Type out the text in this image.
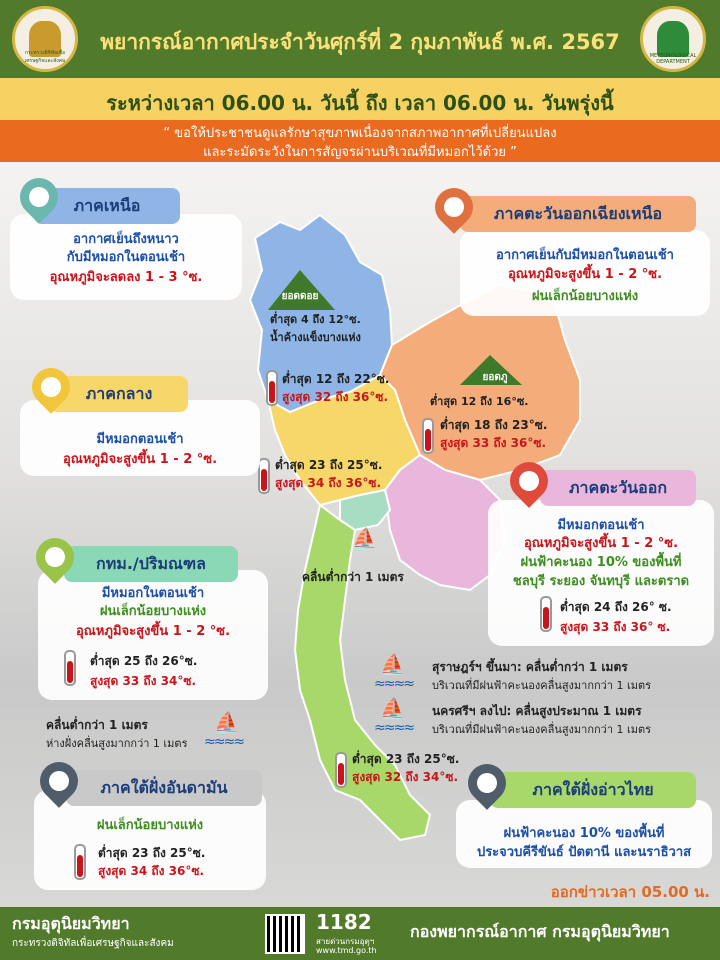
กระทรวงดิจิทัลเพื่อเศรษฐกิจและสังคม
พยากรณ์อากาศประจำวันศุกร์ที่ 2 กุมภาพันธ์ พ.ศ. 2567
METEOROLOGICAL DEPARTMENT
ระหว่างเวลา 06.00 น. วันนี้ ถึง เวลา 06.00 น. วันพรุ่งนี้
“ ขอให้ประชาชนดูแลรักษาสุขภาพเนื่องจากสภาพอากาศที่เปลี่ยนแปลง
และระมัดระวังในการสัญจรผ่านบริเวณที่มีหมอกไว้ด้วย ”
ยอดดอย
ต่ำสุด 4 ถึง 12°ซ.
น้ำค้างแข็งบางแห่ง
ยอดภู
ต่ำสุด 12 ถึง 16°ซ.
ต่ำสุด 12 ถึง 22°ซ.
สูงสุด 32 ถึง 36°ซ.
ต่ำสุด 18 ถึง 23°ซ.
สูงสุด 33 ถึง 36°ซ.
ต่ำสุด 23 ถึง 25°ซ.
สูงสุด 34 ถึง 36°ซ.
⛵
คลื่นต่ำกว่า 1 เมตร
ต่ำสุด 23 ถึง 25°ซ.
สูงสุด 32 ถึง 34°ซ.
อากาศเย็นถึงหนาว
กับมีหมอกในตอนเช้า
อุณหภูมิจะลดลง 1 - 3 °ซ.
ภาคเหนือ
อากาศเย็นกับมีหมอกในตอนเช้า
อุณหภูมิจะสูงขึ้น 1 - 2 °ซ.
ฝนเล็กน้อยบางแห่ง
ภาคตะวันออกเฉียงเหนือ
มีหมอกตอนเช้า
อุณหภูมิจะสูงขึ้น 1 - 2 °ซ.
ภาคกลาง
มีหมอกตอนเช้า
อุณหภูมิจะสูงขึ้น 1 - 2 °ซ.
ฝนฟ้าคะนอง 10% ของพื้นที่
ชลบุรี ระยอง จันทบุรี และตราด
ต่ำสุด 24 ถึง 26° ซ.
สูงสุด 33 ถึง 36° ซ.
ภาคตะวันออก
มีหมอกในตอนเช้า
ฝนเล็กน้อยบางแห่ง
อุณหภูมิจะสูงขึ้น 1 - 2 °ซ.
ต่ำสุด 25 ถึง 26°ซ.
สูงสุด 33 ถึง 34°ซ.
กทม./ปริมณฑล
คลื่นต่ำกว่า 1 เมตร
ห่างฝั่งคลื่นสูงมากกว่า 1 เมตร
⛵
≈≈≈≈
⛵
≈≈≈≈
สุราษฎร์ฯ ขึ้นมา: คลื่นต่ำกว่า 1 เมตร
บริเวณที่มีฝนฟ้าคะนองคลื่นสูงมากกว่า 1 เมตร
⛵
≈≈≈≈
นครศรีฯ ลงไป: คลื่นสูงประมาณ 1 เมตร
บริเวณที่มีฝนฟ้าคะนองคลื่นสูงมากกว่า 1 เมตร
ฝนเล็กน้อยบางแห่ง
ต่ำสุด 23 ถึง 25°ซ.
สูงสุด 34 ถึง 36°ซ.
ภาคใต้ฝั่งอันดามัน
ฝนฟ้าคะนอง 10% ของพื้นที่
ประจวบคีรีขันธ์ ปัตตานี และนราธิวาส
ภาคใต้ฝั่งอ่าวไทย
ออกข่าวเวลา 05.00 น.
กรมอุตุนิยมวิทยา
กระทรวงดิจิทัลเพื่อเศรษฐกิจและสังคม
1182
สายด่วนกรมอุตุฯ
www.tmd.go.th
กองพยากรณ์อากาศ กรมอุตุนิยมวิทยา
